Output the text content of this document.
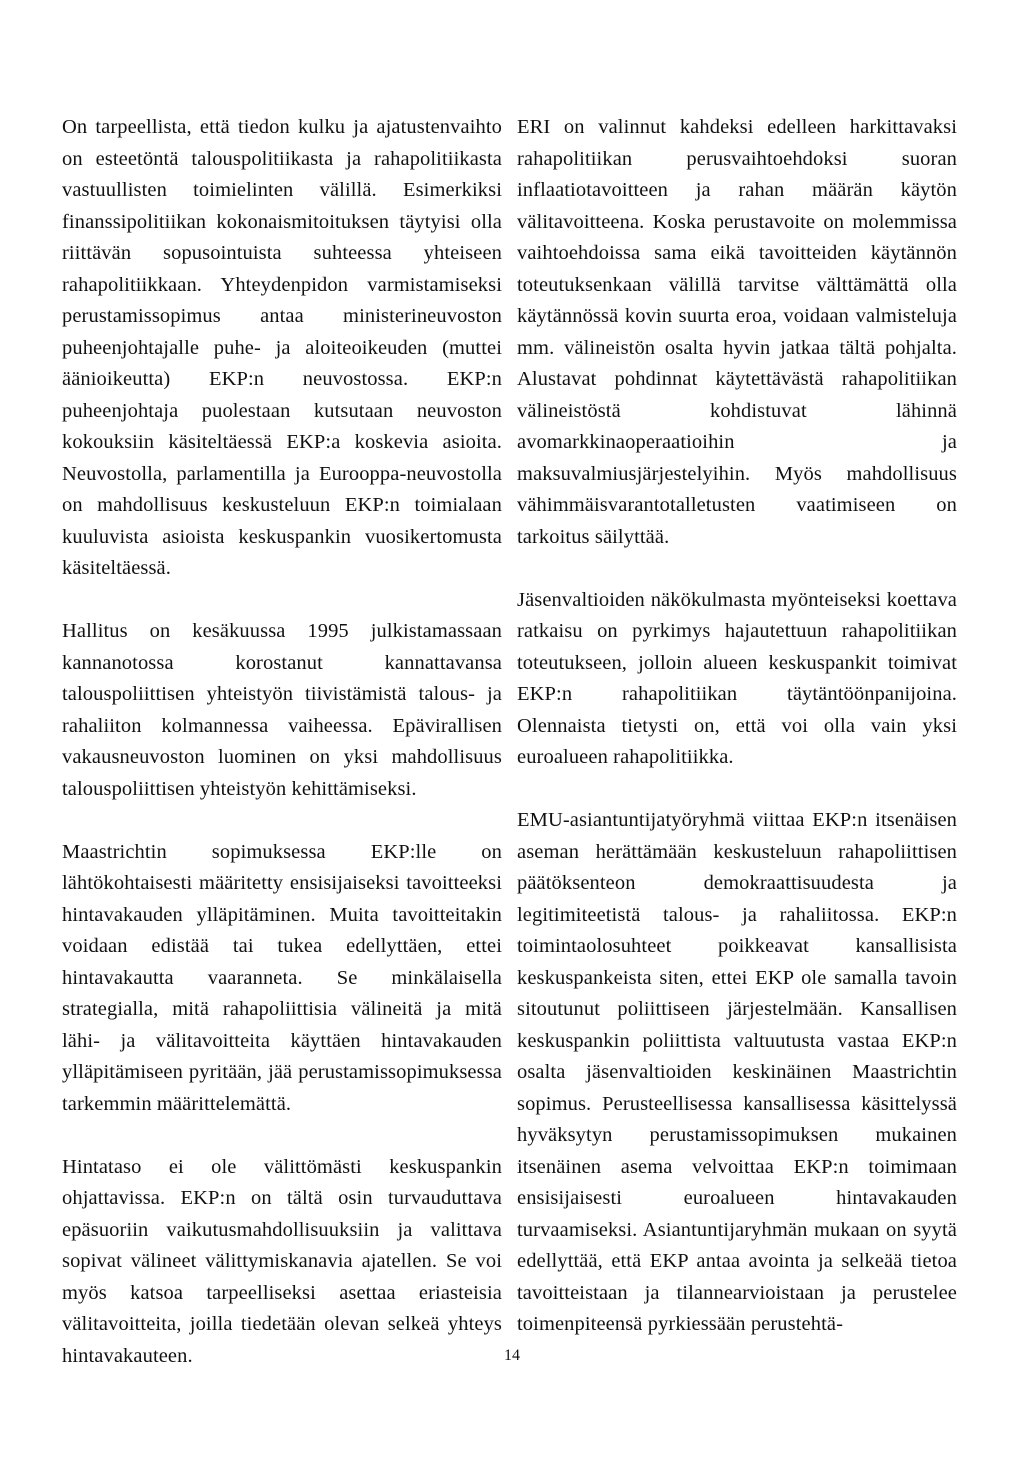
On tarpeellista, että tiedon kulku ja ajatustenvaihto on esteetöntä talouspolitiikasta ja rahapolitiikasta vastuullisten toimielinten välillä. Esimerkiksi finanssipolitiikan kokonaismitoituksen täytyisi olla riittävän sopusointuista suhteessa yhteiseen rahapolitiikkaan. Yhteydenpidon varmistamiseksi perustamissopimus antaa ministerineuvoston puheenjohtajalle puhe- ja aloiteoikeuden (muttei äänioikeutta) EKP:n neuvostossa. EKP:n puheenjohtaja puolestaan kutsutaan neuvoston kokouksiin käsiteltäessä EKP:a koskevia asioita. Neuvostolla, parlamentilla ja Eurooppa-neuvostolla on mahdollisuus keskusteluun EKP:n toimialaan kuuluvista asioista keskuspankin vuosikertomusta käsiteltäessä.

Hallitus on kesäkuussa 1995 julkistamassaan kannanotossa korostanut kannattavansa talouspoliittisen yhteistyön tiivistämistä talous- ja rahaliiton kolmannessa vaiheessa. Epävirallisen vakausneuvoston luominen on yksi mahdollisuus talouspoliittisen yhteistyön kehittämiseksi.

Maastrichtin sopimuksessa EKP:lle on lähtökohtaisesti määritetty ensisijaiseksi tavoitteeksi hintavakauden ylläpitäminen. Muita tavoitteitakin voidaan edistää tai tukea edellyttäen, ettei hintavakautta vaaranneta. Se minkälaisella strategialla, mitä rahapoliittisia välineitä ja mitä lähi- ja välitavoitteita käyttäen hintavakauden ylläpitämiseen pyritään, jää perustamissopimuksessa tarkemmin määrittelemättä.

Hintataso ei ole välittömästi keskuspankin ohjattavissa. EKP:n on tältä osin turvauduttava epäsuoriin vaikutusmahdollisuuksiin ja valittava sopivat välineet välittymiskanavia ajatellen. Se voi myös katsoa tarpeelliseksi asettaa eriasteisia välitavoitteita, joilla tiedetään olevan selkeä yhteys hintavakauteen.

ERI on valinnut kahdeksi edelleen harkittavaksi rahapolitiikan perusvaihtoehdoksi suoran inflaatiotavoitteen ja rahan määrän käytön välitavoitteena. Koska perustavoite on molemmissa vaihtoehdoissa sama eikä tavoitteiden käytännön toteutuksenkaan välillä tarvitse välttämättä olla käytännössä kovin suurta eroa, voidaan valmisteluja mm. välineistön osalta hyvin jatkaa tältä pohjalta. Alustavat pohdinnat käytettävästä rahapolitiikan välineistöstä kohdistuvat lähinnä avomarkkinaoperaatioihin ja maksuvalmiusjärjestelyihin. Myös mahdollisuus vähimmäisvarantotalletusten vaatimiseen on tarkoitus säilyttää.

Jäsenvaltioiden näkökulmasta myönteiseksi koettava ratkaisu on pyrkimys hajautettuun rahapolitiikan toteutukseen, jolloin alueen keskuspankit toimivat EKP:n rahapolitiikan täytäntöönpanijoina. Olennaista tietysti on, että voi olla vain yksi euroalueen rahapolitiikka.

EMU-asiantuntijatyöryhmä viittaa EKP:n itsenäisen aseman herättämään keskusteluun rahapoliittisen päätöksenteon demokraattisuudesta ja legitimiteetistä talous- ja rahaliitossa. EKP:n toimintaolosuhteet poikkeavat kansallisista keskuspankeista siten, ettei EKP ole samalla tavoin sitoutunut poliittiseen järjestelmään. Kansallisen keskuspankin poliittista valtuutusta vastaa EKP:n osalta jäsenvaltioiden keskinäinen Maastrichtin sopimus. Perusteellisessa kansallisessa käsittelyssä hyväksytyn perustamissopimuksen mukainen itsenäinen asema velvoittaa EKP:n toimimaan ensisijaisesti euroalueen hintavakauden turvaamiseksi. Asiantuntijaryhmän mukaan on syytä edellyttää, että EKP antaa avointa ja selkeää tietoa tavoitteistaan ja tilannearvioistaan ja perustelee toimenpiteensä pyrkiessään perustehtä-

14
